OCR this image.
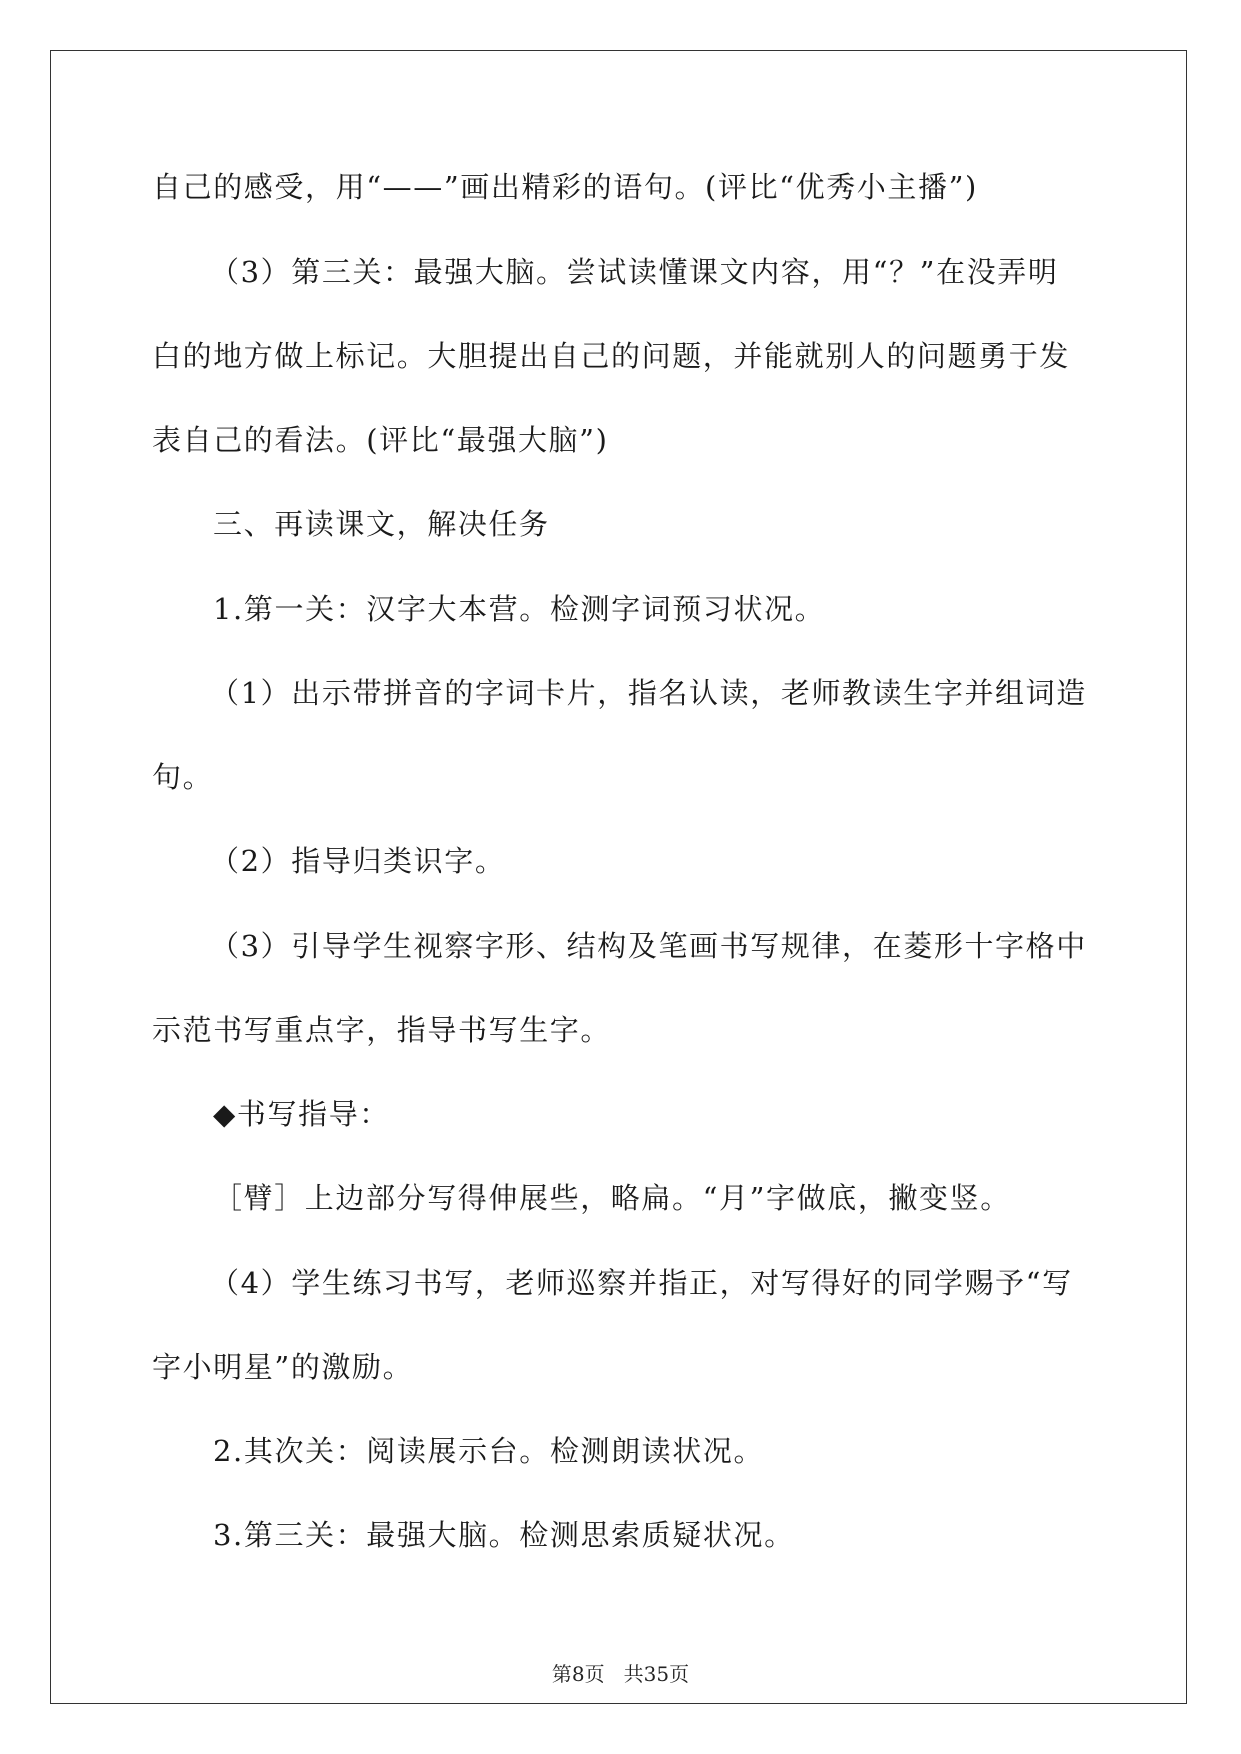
自己的感受，用“——”画出精彩的语句。(评比“优秀小主播”)
（3）第三关：最强大脑。尝试读懂课文内容，用“？”在没弄明
白的地方做上标记。大胆提出自己的问题，并能就别人的问题勇于发
表自己的看法。(评比“最强大脑”)
三、再读课文，解决任务
1.第一关：汉字大本营。检测字词预习状况。
（1）出示带拼音的字词卡片，指名认读，老师教读生字并组词造
句。
（2）指导归类识字。
（3）引导学生视察字形、结构及笔画书写规律，在菱形十字格中
示范书写重点字，指导书写生字。
◆书写指导：
［臂］上边部分写得伸展些，略扁。“月”字做底，撇变竖。
（4）学生练习书写，老师巡察并指正，对写得好的同学赐予“写
字小明星”的激励。
2.其次关：阅读展示台。检测朗读状况。
3.第三关：最强大脑。检测思索质疑状况。
第8页   共35页
